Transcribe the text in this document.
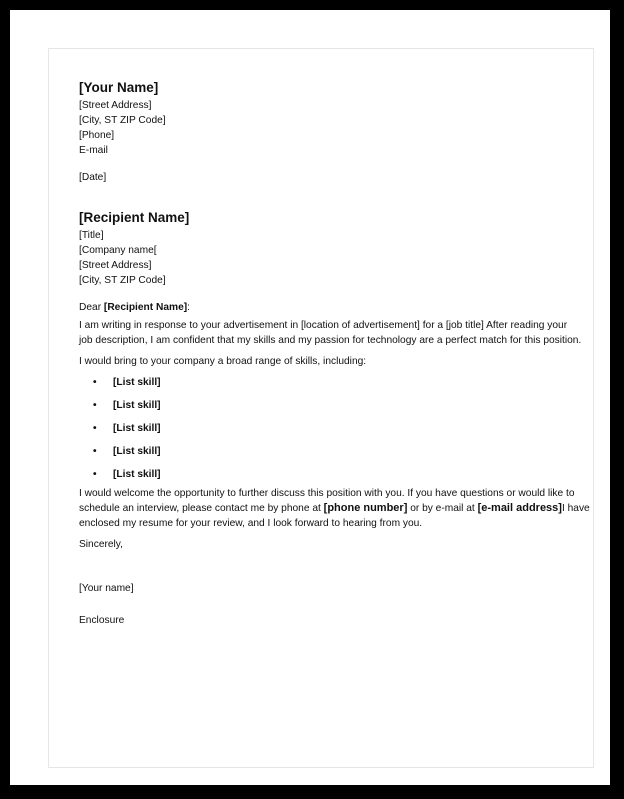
[Your Name]
[Street Address]
[City, ST ZIP Code]
[Phone]
E-mail
[Date]
[Recipient Name]
[Title]
[Company name[
[Street Address]
[City, ST ZIP Code]

Dear [Recipient Name]:

I am writing in response to your advertisement in [location of advertisement] for a [job title] After reading your
job description, I am confident that my skills and my passion for technology are a perfect match for this position.
I would bring to your company a broad range of skills, including:
• [List skill]
• [List skill]
• [List skill]
• [List skill]
• [List skill]
I would welcome the opportunity to further discuss this position with you. If you have questions or would like to
schedule an interview, please contact me by phone at [phone number] or by e-mail at [e-mail address]I have
enclosed my resume for your review, and I look forward to hearing from you.
Sincerely,
[Your name]
Enclosure
